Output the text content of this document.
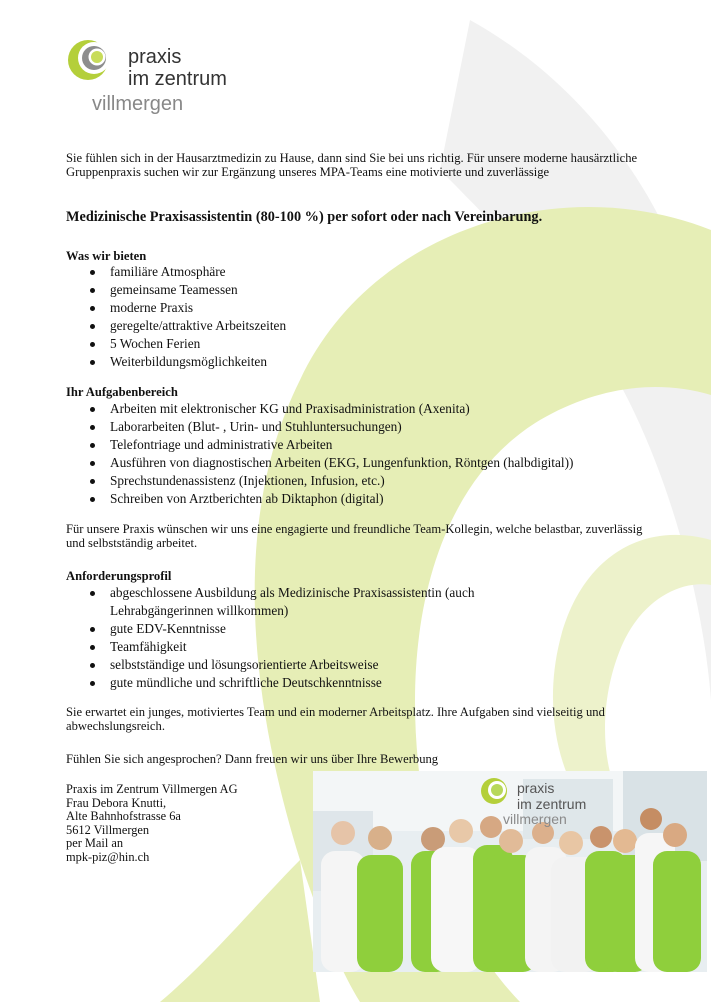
praxis
im zentrum
villmergen

Sie fühlen sich in der Hausarztmedizin zu Hause, dann sind Sie bei uns richtig. Für unsere moderne hausärztliche Gruppenpraxis suchen wir zur Ergänzung unseres MPA-Teams eine motivierte und zuverlässige

Medizinische Praxisassistentin (80-100 %) per sofort oder nach Vereinbarung.

Was wir bieten
familiäre Atmosphäre
gemeinsame Teamessen
moderne Praxis
geregelte/attraktive Arbeitszeiten
5 Wochen Ferien
Weiterbildungsmöglichkeiten
Ihr Aufgabenbereich
Arbeiten mit elektronischer KG und Praxisadministration (Axenita)
Laborarbeiten (Blut- , Urin- und Stuhluntersuchungen)
Telefontriage und administrative Arbeiten
Ausführen von diagnostischen Arbeiten (EKG, Lungenfunktion, Röntgen (halbdigital))
Sprechstundenassistenz (Injektionen, Infusion, etc.)
Schreiben von Arztberichten ab Diktaphon (digital)

Für unsere Praxis wünschen wir uns eine engagierte und freundliche Team-Kollegin, welche belastbar, zuverlässig und selbstständig arbeitet.

Anforderungsprofil
abgeschlossene Ausbildung als Medizinische Praxisassistentin (auch
Lehrabgängerinnen willkommen)
gute EDV-Kenntnisse
Teamfähigkeit
selbstständige und lösungsorientierte Arbeitsweise
gute mündliche und schriftliche Deutschkenntnisse

Sie erwartet ein junges, motiviertes Team und ein moderner Arbeitsplatz. Ihre Aufgaben sind vielseitig und abwechslungsreich.

Fühlen Sie sich angesprochen? Dann freuen wir uns über Ihre Bewerbung

Praxis im Zentrum Villmergen AG
Frau Debora Knutti,
Alte Bahnhofstrasse 6a
5612 Villmergen
per Mail an
mpk-piz@hin.ch
praxis
im zentrum
villmergen
